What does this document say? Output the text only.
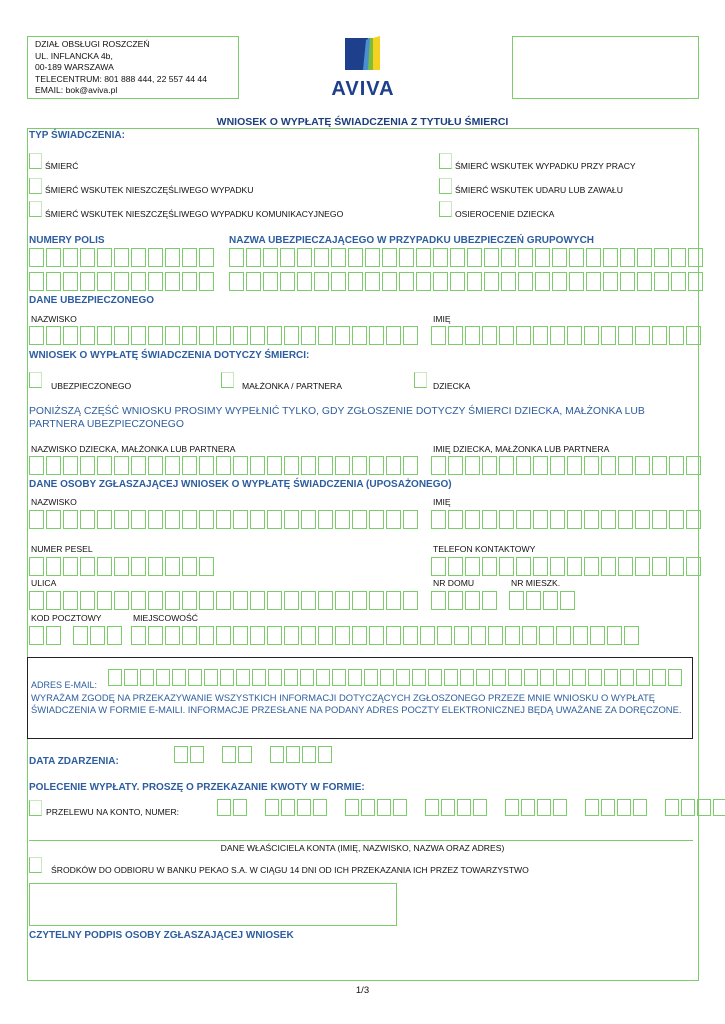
DZIAŁ OBSŁUGI ROSZCZEŃ
UL. INFLANCKA 4b,
00-189 WARSZAWA
TELECENTRUM: 801 888 444, 22 557 44 44
EMAIL: bok@aviva.pl	AVIVA
WNIOSEK O WYPŁATĘ ŚWIADCZENIA Z TYTUŁU ŚMIERCI
TYP ŚWIADCZENIA:
ŚMIERĆ
ŚMIERĆ WSKUTEK NIESZCZĘŚLIWEGO WYPADKU
ŚMIERĆ WSKUTEK NIESZCZĘŚLIWEGO WYPADKU KOMUNIKACYJNEGO
ŚMIERĆ WSKUTEK WYPADKU PRZY PRACY
ŚMIERĆ WSKUTEK UDARU LUB ZAWAŁU
OSIEROCENIE DZIECKA
NUMERY POLIS	NAZWA UBEZPIECZAJĄCEGO W PRZYPADKU UBEZPIECZEŃ GRUPOWYCH
DANE UBEZPIECZONEGO
NAZWISKO	IMIĘ
WNIOSEK O WYPŁATĘ ŚWIADCZENIA DOTYCZY ŚMIERCI:
UBEZPIECZONEGO	MAŁŻONKA / PARTNERA	DZIECKA
PONIŻSZĄ CZĘŚĆ WNIOSKU PROSIMY WYPEŁNIĆ TYLKO, GDY ZGŁOSZENIE DOTYCZY ŚMIERCI DZIECKA, MAŁŻONKA LUB PARTNERA UBEZPIECZONEGO
NAZWISKO DZIECKA, MAŁŻONKA LUB PARTNERA	IMIĘ DZIECKA, MAŁŻONKA LUB PARTNERA
DANE OSOBY ZGŁASZAJĄCEJ WNIOSEK O WYPŁATĘ ŚWIADCZENIA (UPOSAŻONEGO)
NAZWISKO	IMIĘ
NUMER PESEL	TELEFON KONTAKTOWY
ULICA	NR DOMU	NR MIESZK.
KOD POCZTOWY	MIEJSCOWOŚĆ
ADRES E-MAIL:
WYRAŻAM ZGODĘ NA PRZEKAZYWANIE WSZYSTKICH INFORMACJI DOTYCZĄCYCH ZGŁOSZONEGO PRZEZE MNIE WNIOSKU O WYPŁATĘ ŚWIADCZENIA W FORMIE E-MAILI. INFORMACJE PRZESŁANE NA PODANY ADRES POCZTY ELEKTRONICZNEJ BĘDĄ UWAŻANE ZA DORĘCZONE.
DATA ZDARZENIA:
POLECENIE WYPŁATY. PROSZĘ O PRZEKAZANIE KWOTY W FORMIE:
PRZELEWU NA KONTO, NUMER:
DANE WŁAŚCICIELA KONTA (IMIĘ, NAZWISKO, NAZWA ORAZ ADRES)
ŚRODKÓW DO ODBIORU W BANKU PEKAO S.A. W CIĄGU 14 DNI OD ICH PRZEKAZANIA ICH PRZEZ TOWARZYSTWO
CZYTELNY PODPIS OSOBY ZGŁASZAJĄCEJ WNIOSEK
1/3
